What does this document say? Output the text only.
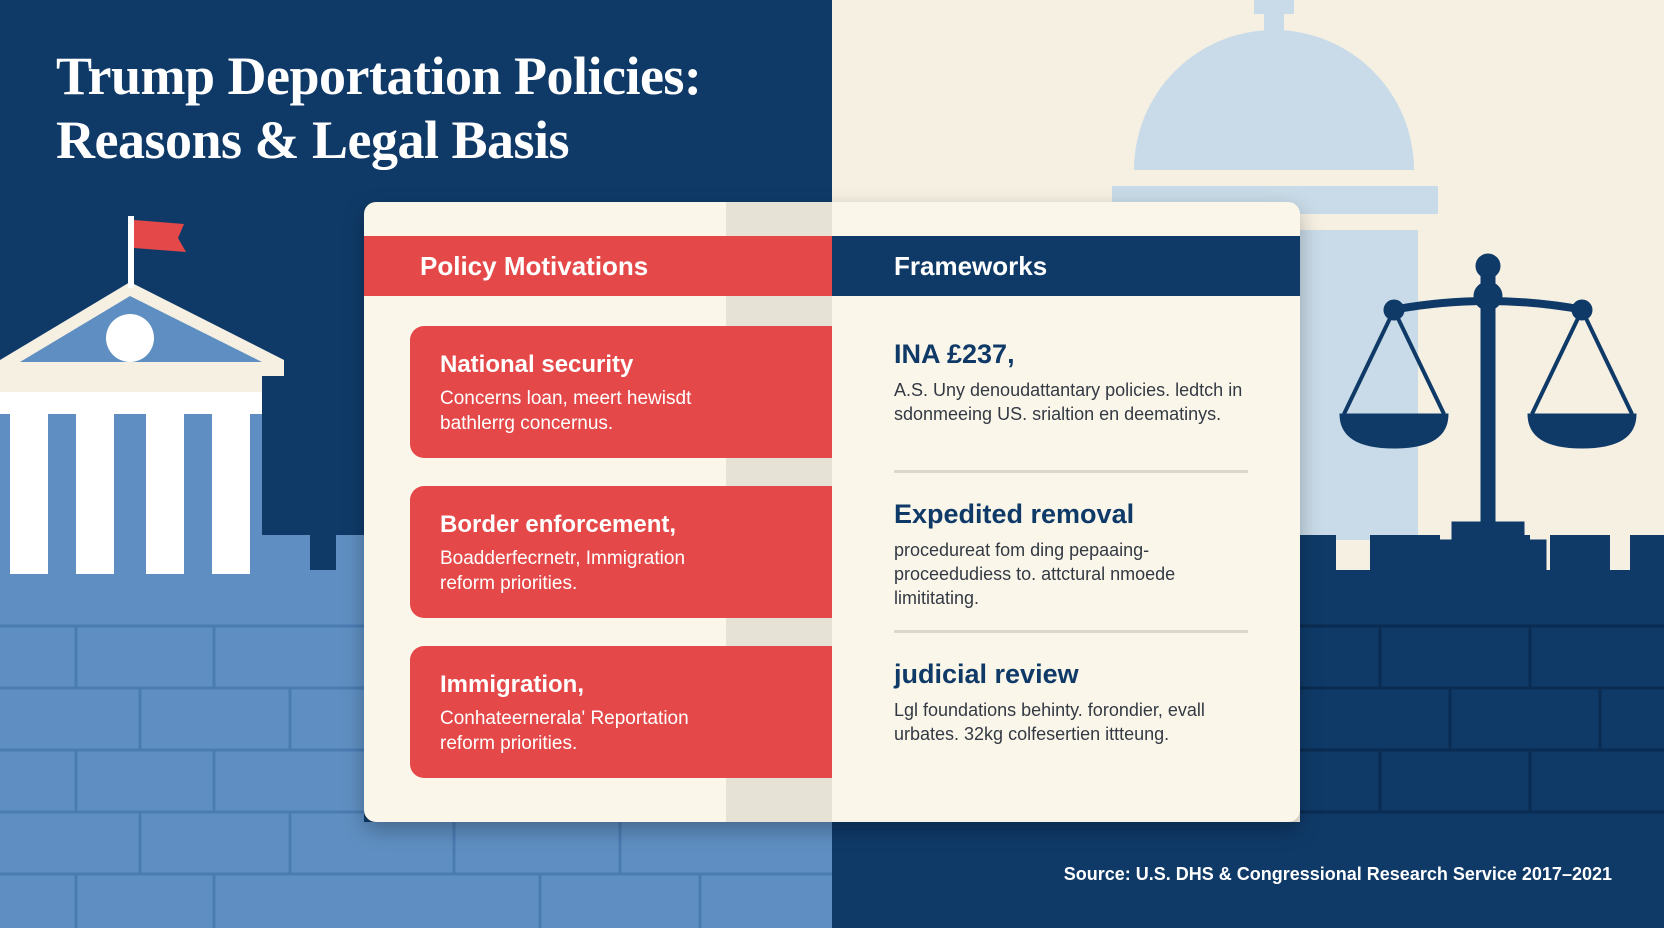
Trump Deportation Policies:
Reasons & Legal Basis
Policy Motivations	Frameworks
National security

Concerns loan, meert hewisdt bathlerrg concernus.

Border enforcement,

Boadderfecrnetr, Immigration reform priorities.

Immigration,

Conhateernerala' Reportation reform priorities.

INA £237,

A.S. Uny denoudattantary policies. ledtch in sdonmeeing US. srialtion en deematinys.

Expedited removal

procedureat fom ding pepaaing- proceedudiess to. attctural nmoede limititating.

judicial review

Lgl foundations behinty. forondier, evall urbates. 32kg colfesertien ittteung.

Source: U.S. DHS & Congressional Research Service 2017–2021
